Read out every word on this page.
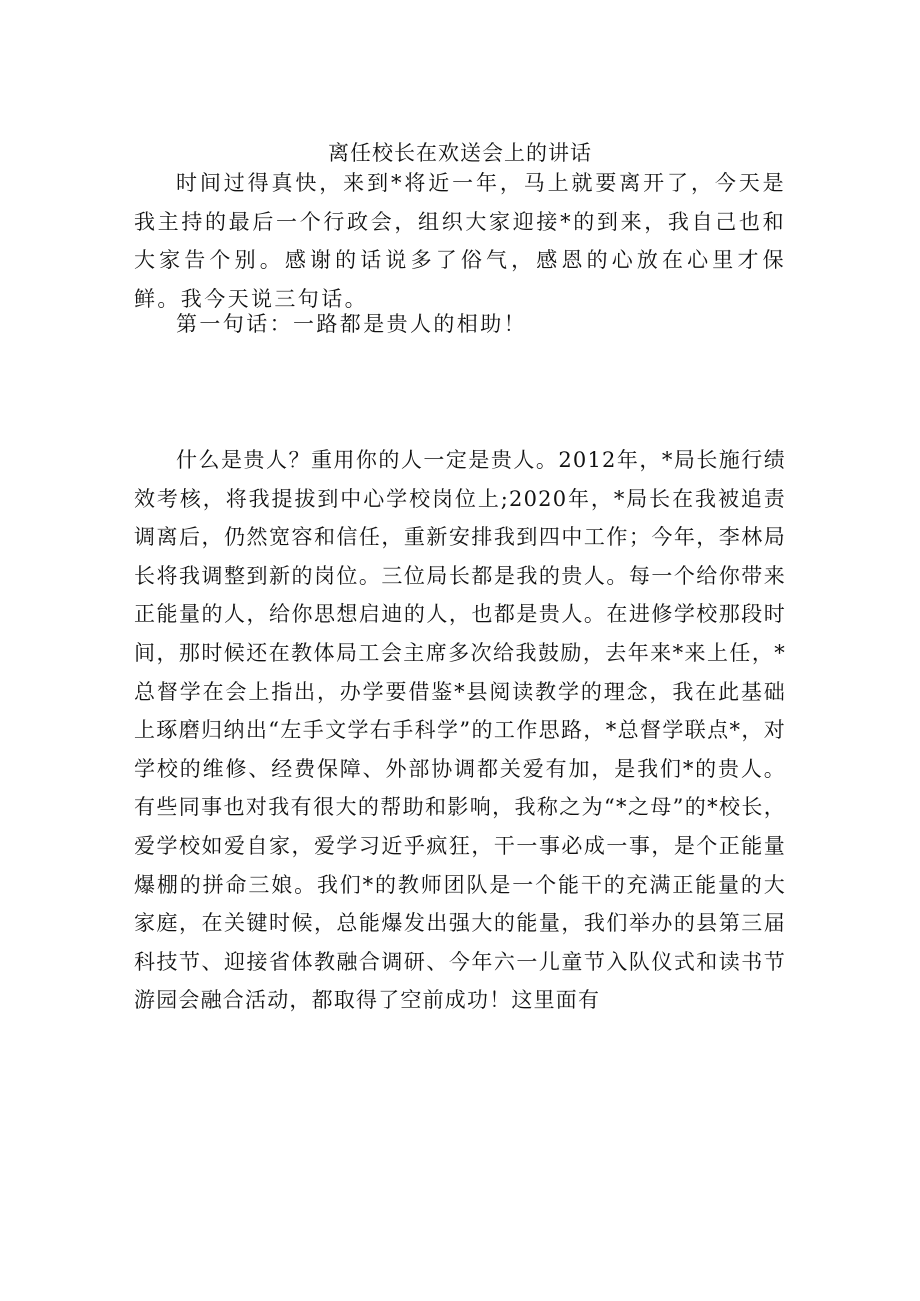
离任校长在欢送会上的讲话

时间过得真快，来到*将近一年，马上就要离开了，今天是我主持的最后一个行政会，组织大家迎接*的到来，我自己也和大家告个别。感谢的话说多了俗气，感恩的心放在心里才保鲜。我今天说三句话。

第一句话：一路都是贵人的相助！

什么是贵人？重用你的人一定是贵人。2012年，*局长施行绩效考核，将我提拔到中心学校岗位上;2020年，*局长在我被追责调离后，仍然宽容和信任，重新安排我到四中工作；今年，李林局长将我调整到新的岗位。三位局长都是我的贵人。每一个给你带来正能量的人，给你思想启迪的人，也都是贵人。在进修学校那段时间，那时候还在教体局工会主席多次给我鼓励，去年来*来上任，*总督学在会上指出，办学要借鉴*县阅读教学的理念，我在此基础上琢磨归纳出“左手文学右手科学”的工作思路，*总督学联点*，对学校的维修、经费保障、外部协调都关爱有加，是我们*的贵人。有些同事也对我有很大的帮助和影响，我称之为“*之母”的*校长，爱学校如爱自家，爱学习近乎疯狂，干一事必成一事，是个正能量爆棚的拼命三娘。我们*的教师团队是一个能干的充满正能量的大家庭，在关键时候，总能爆发出强大的能量，我们举办的县第三届科技节、迎接省体教融合调研、今年六一儿童节入队仪式和读书节游园会融合活动，都取得了空前成功！这里面有
